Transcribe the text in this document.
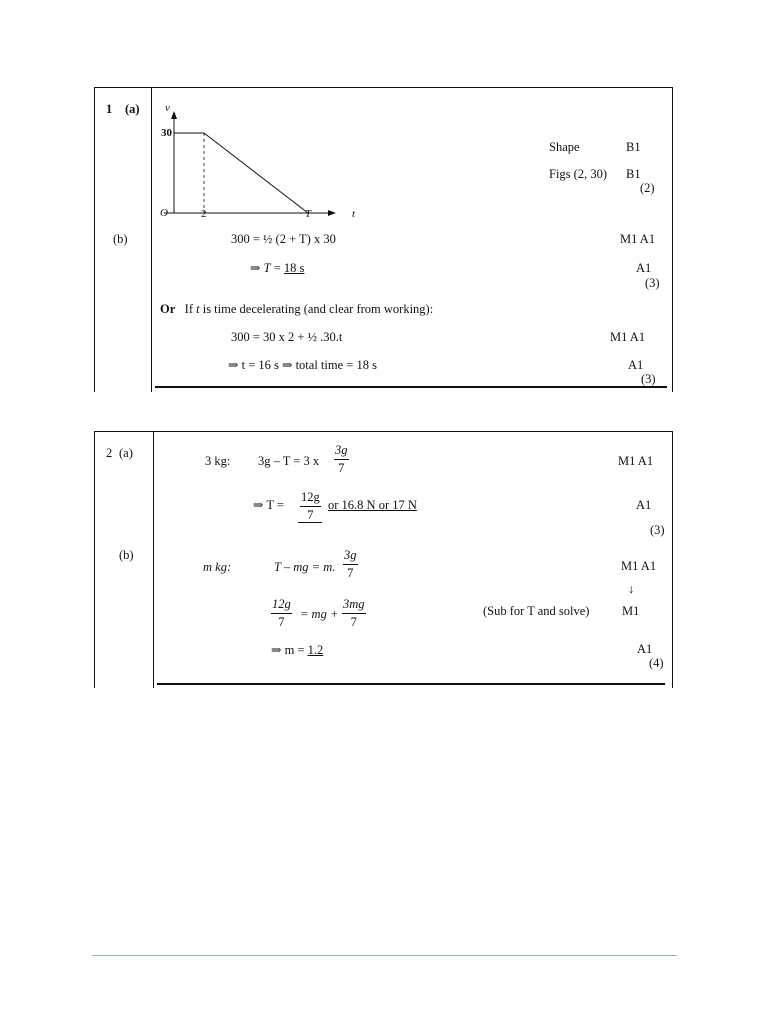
1 (a) v
30
O	2	T	t
Shape	B1
Figs (2, 30) B1
(2)
(b)	300 = ½ (2 + T) x 30	M1 A1
⇒ T = 18 s	A1
(3)
Or If t is time decelerating (and clear from working):
300 = 30 x 2 + ½ .30.t	M1 A1
⇒ t = 16 s ⇒ total time = 18 s	A1
(3)
2 (a)
3 kg: 3g – T = 3 x $\frac{3g}{7}$	M1 A1
⇒ $T = \frac{12g}{7}$ or 16.8 N or 17 N	A1
(3)
(b)
m kg:	T – mg = m. $\frac{3g}{7}$	M1 A1
↓
$\frac{12g}{7}$ = mg + $\frac{3mg}{7}$	(Sub for T and solve)	M1
⇒ m = 1.2	A1
(4)
